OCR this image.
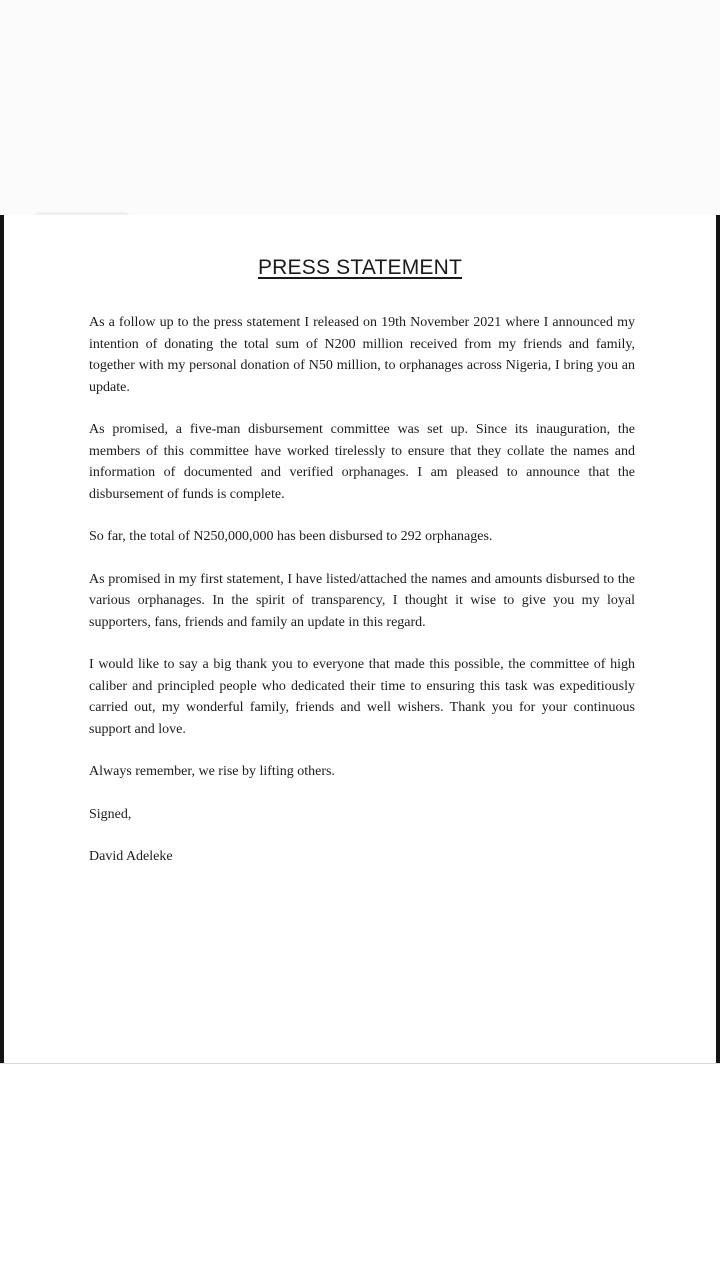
PRESS STATEMENT

As a follow up to the press statement I released on 19th November 2021 where I announced my intention of donating the total sum of N200 million received from my friends and family, together with my personal donation of N50 million, to orphanages across Nigeria, I bring you an update.

As promised, a five-man disbursement committee was set up. Since its inauguration, the members of this committee have worked tirelessly to ensure that they collate the names and information of documented and verified orphanages. I am pleased to announce that the disbursement of funds is complete.

So far, the total of N250,000,000 has been disbursed to 292 orphanages.

As promised in my first statement, I have listed/attached the names and amounts disbursed to the various orphanages. In the spirit of transparency, I thought it wise to give you my loyal supporters, fans, friends and family an update in this regard.

I would like to say a big thank you to everyone that made this possible, the committee of high caliber and principled people who dedicated their time to ensuring this task was expeditiously carried out, my wonderful family, friends and well wishers. Thank you for your continuous support and love.

Always remember, we rise by lifting others.

Signed,

David Adeleke
